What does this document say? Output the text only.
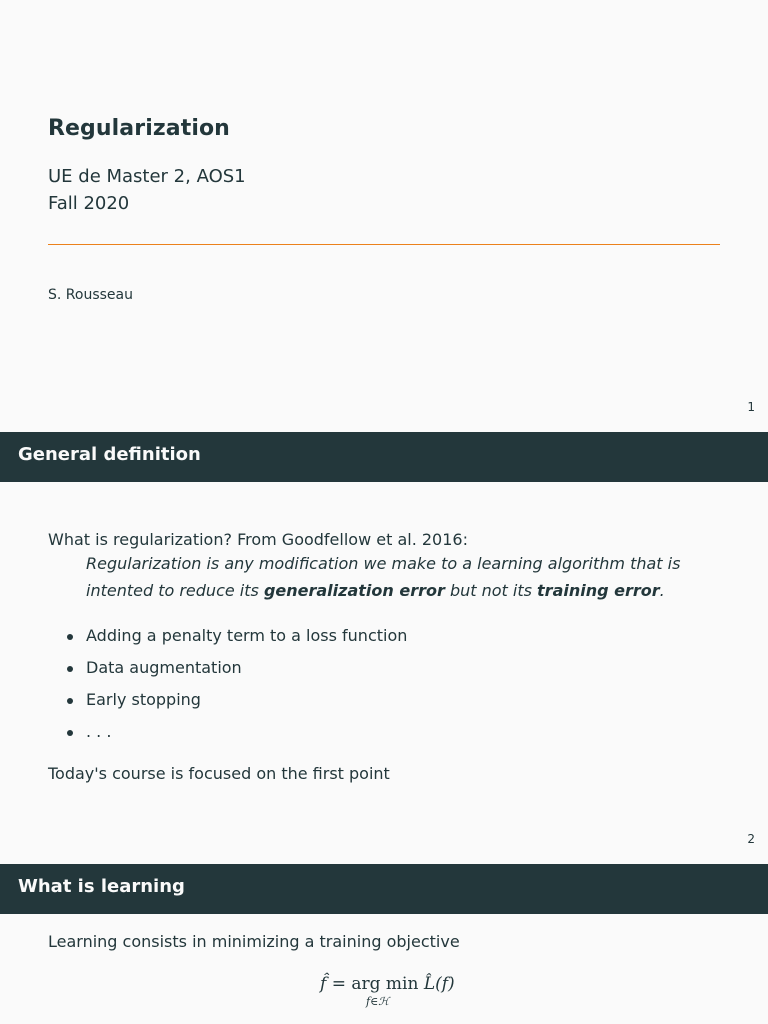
Regularization
UE de Master 2, AOS1
Fall 2020
S. Rousseau
1
General definition
What is regularization? From Goodfellow et al. 2016:
Regularization is any modification we make to a learning algorithm that is intented to reduce its generalization error but not its training error.
Adding a penalty term to a loss function
Data augmentation
Early stopping
. . .
Today's course is focused on the first point
2
What is learning
Learning consists in minimizing a training objective
f̂ = arg min L̂(f)
f∈ℋ
